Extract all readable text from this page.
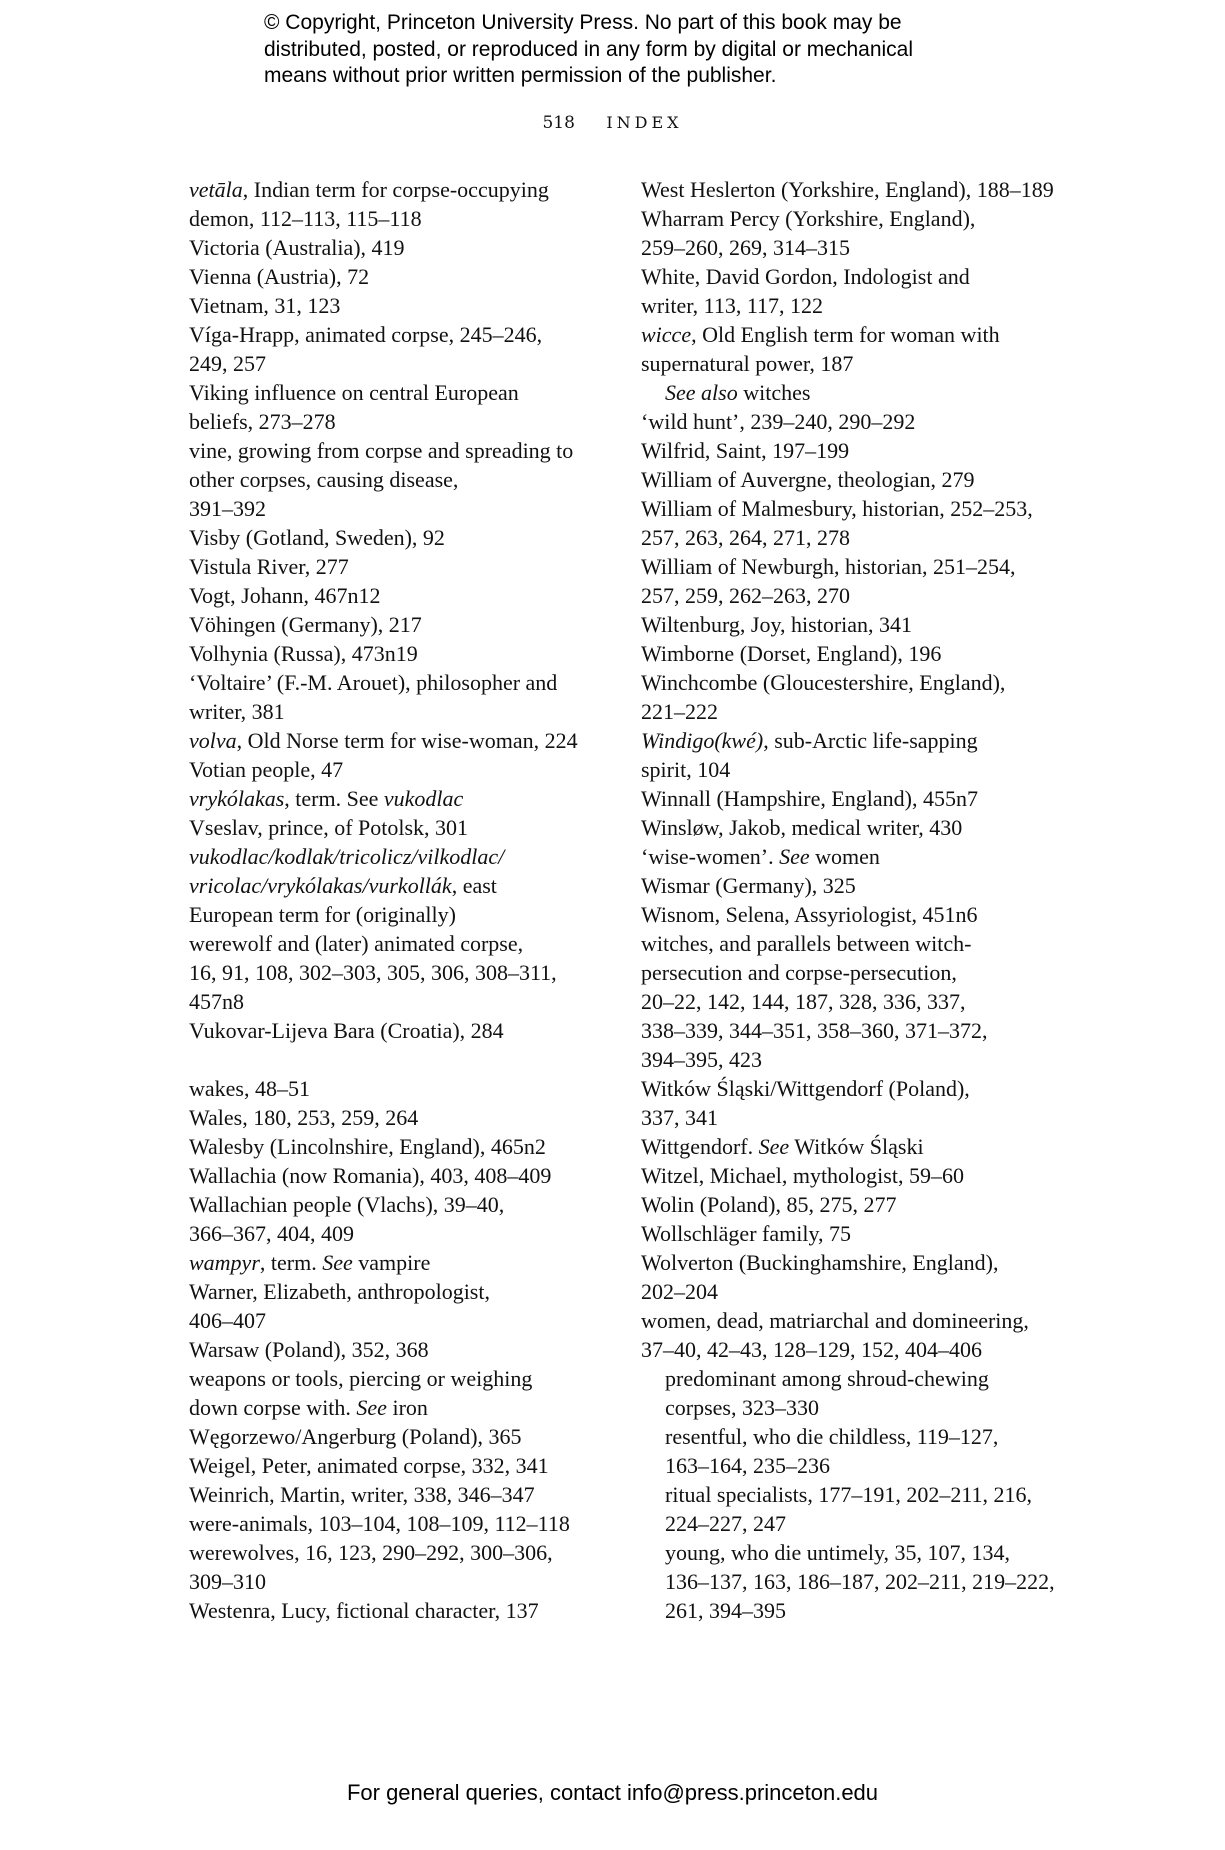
© Copyright, Princeton University Press. No part of this book may be
distributed, posted, or reproduced in any form by digital or mechanical
means without prior written permission of the publisher.
518 INDEX
vetāla, Indian term for corpse-occupying
demon, 112–113, 115–118
Victoria (Australia), 419
Vienna (Austria), 72
Vietnam, 31, 123
Víga-Hrapp, animated corpse, 245–246,
249, 257
Viking influence on central European
beliefs, 273–278
vine, growing from corpse and spreading to
other corpses, causing disease,
391–392
Visby (Gotland, Sweden), 92
Vistula River, 277
Vogt, Johann, 467n12
Vöhingen (Germany), 217
Volhynia (Russa), 473n19
‘Voltaire’ (F.-M. Arouet), philosopher and
writer, 381
volva, Old Norse term for wise-woman, 224
Votian people, 47
vrykólakas, term. See vukodlac
Vseslav, prince, of Potolsk, 301
vukodlac/kodlak/tricolicz/vilkodlac/
vricolac/vrykólakas/vurkollák, east
European term for (originally)
werewolf and (later) animated corpse,
16, 91, 108, 302–303, 305, 306, 308–311,
457n8
Vukovar-Lijeva Bara (Croatia), 284
wakes, 48–51
Wales, 180, 253, 259, 264
Walesby (Lincolnshire, England), 465n2
Wallachia (now Romania), 403, 408–409
Wallachian people (Vlachs), 39–40,
366–367, 404, 409
wampyr, term. See vampire
Warner, Elizabeth, anthropologist,
406–407
Warsaw (Poland), 352, 368
weapons or tools, piercing or weighing
down corpse with. See iron
Węgorzewo/Angerburg (Poland), 365
Weigel, Peter, animated corpse, 332, 341
Weinrich, Martin, writer, 338, 346–347
were-animals, 103–104, 108–109, 112–118
werewolves, 16, 123, 290–292, 300–306,
309–310
Westenra, Lucy, fictional character, 137
West Heslerton (Yorkshire, England), 188–189
Wharram Percy (Yorkshire, England),
259–260, 269, 314–315
White, David Gordon, Indologist and
writer, 113, 117, 122
wicce, Old English term for woman with
supernatural power, 187
See also witches
‘wild hunt’, 239–240, 290–292
Wilfrid, Saint, 197–199
William of Auvergne, theologian, 279
William of Malmesbury, historian, 252–253,
257, 263, 264, 271, 278
William of Newburgh, historian, 251–254,
257, 259, 262–263, 270
Wiltenburg, Joy, historian, 341
Wimborne (Dorset, England), 196
Winchcombe (Gloucestershire, England),
221–222
Windigo(kwé), sub-Arctic life-sapping
spirit, 104
Winnall (Hampshire, England), 455n7
Winsløw, Jakob, medical writer, 430
‘wise-women’. See women
Wismar (Germany), 325
Wisnom, Selena, Assyriologist, 451n6
witches, and parallels between witch-
persecution and corpse-persecution,
20–22, 142, 144, 187, 328, 336, 337,
338–339, 344–351, 358–360, 371–372,
394–395, 423
Witków Śląski/Wittgendorf (Poland),
337, 341
Wittgendorf. See Witków Śląski
Witzel, Michael, mythologist, 59–60
Wolin (Poland), 85, 275, 277
Wollschläger family, 75
Wolverton (Buckinghamshire, England),
202–204
women, dead, matriarchal and domineering,
37–40, 42–43, 128–129, 152, 404–406
predominant among shroud-chewing
corpses, 323–330
resentful, who die childless, 119–127,
163–164, 235–236
ritual specialists, 177–191, 202–211, 216,
224–227, 247
young, who die untimely, 35, 107, 134,
136–137, 163, 186–187, 202–211, 219–222,
261, 394–395
For general queries, contact info@press.princeton.edu
